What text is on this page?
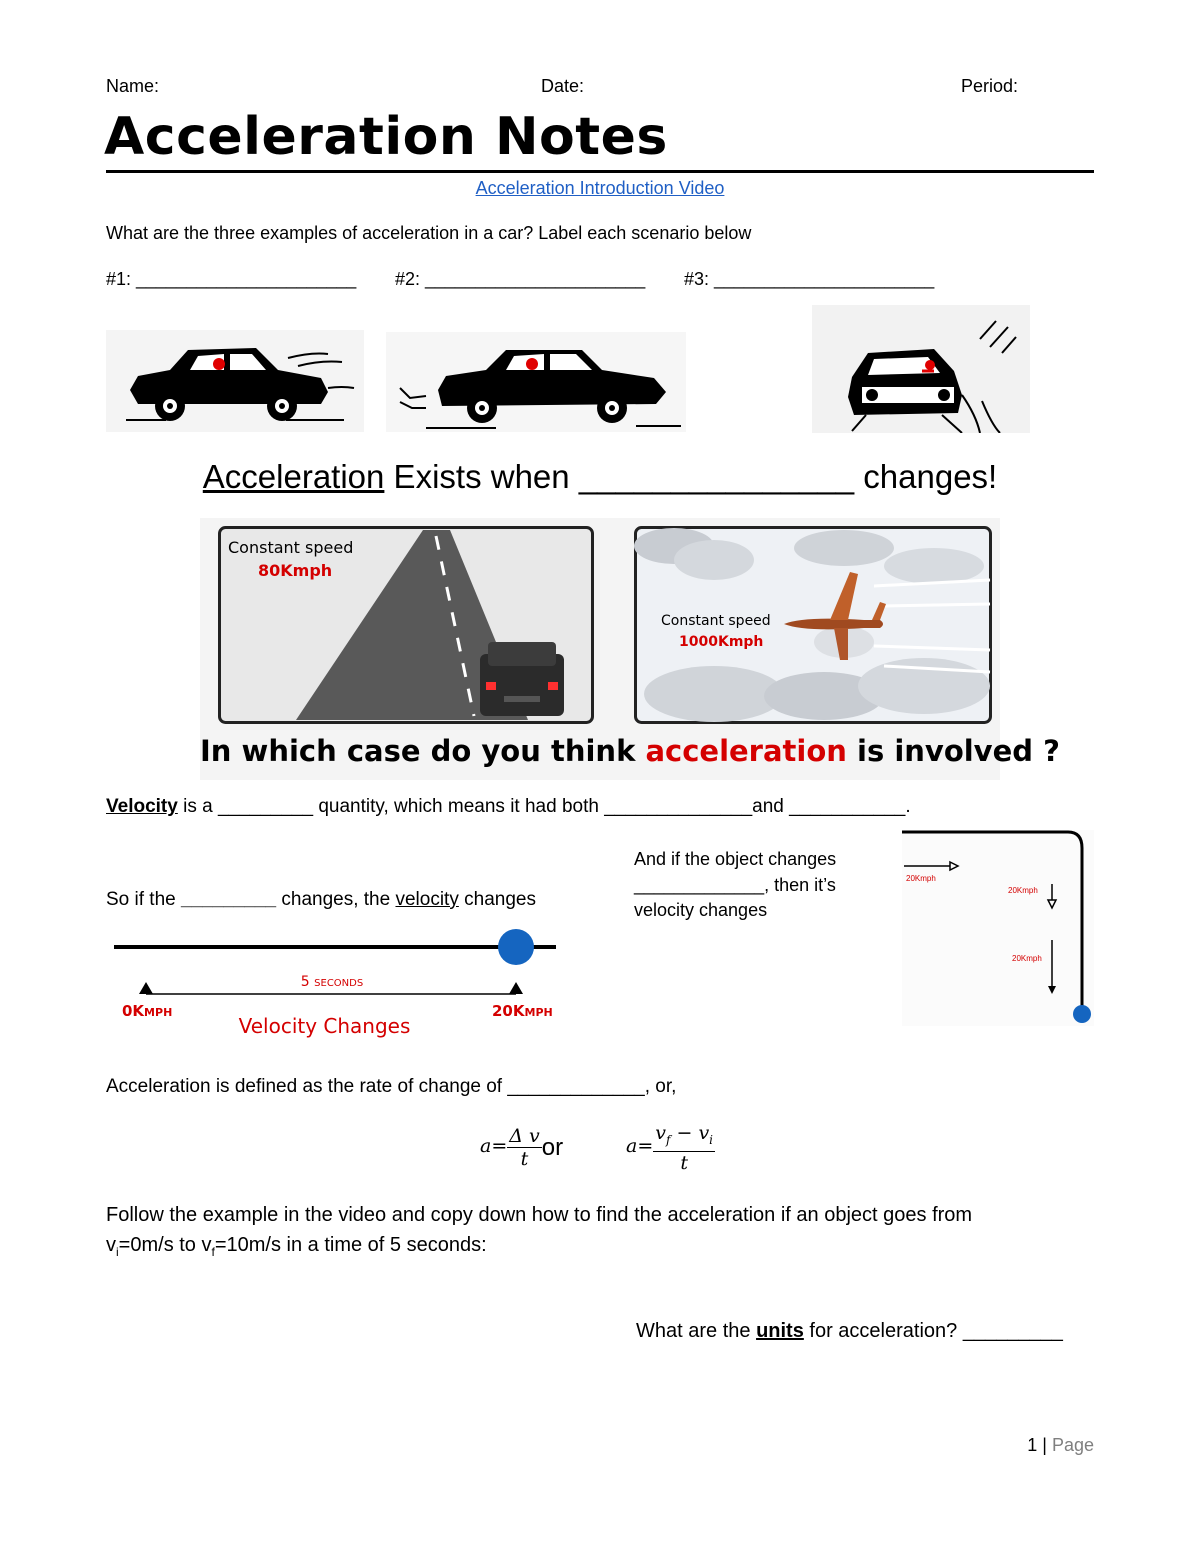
Name:	Date:	Period:
Acceleration Notes
Acceleration Introduction Video
What are the three examples of acceleration in a car? Label each scenario below
#1: ______________________ #2: ______________________ #3: ______________________
Acceleration Exists when _______________ changes!
Constant speed
80Kmph
Constant speed
1000Kmph
In which case do you think acceleration is involved ?
Velocity is a _________ quantity, which means it had both ______________and ___________.
And if the object changes
_____________, then it’s
velocity changes
So if the _________ changes, the velocity changes
5 seconds
0Kmph	20Kmph
Velocity Changes
20Kmph
20Kmph
20Kmph
Acceleration is defined as the rate of change of _____________, or,
$a= \frac{\text{Δ v}}{t}$ or	$a= \frac{v_f - v_i}{t}$
Follow the example in the video and copy down how to find the acceleration if an object goes from
$v_i=0m/s$ to $v_f=10m/s$ in a time of 5 seconds:
What are the units for acceleration? _________
1 | Page
